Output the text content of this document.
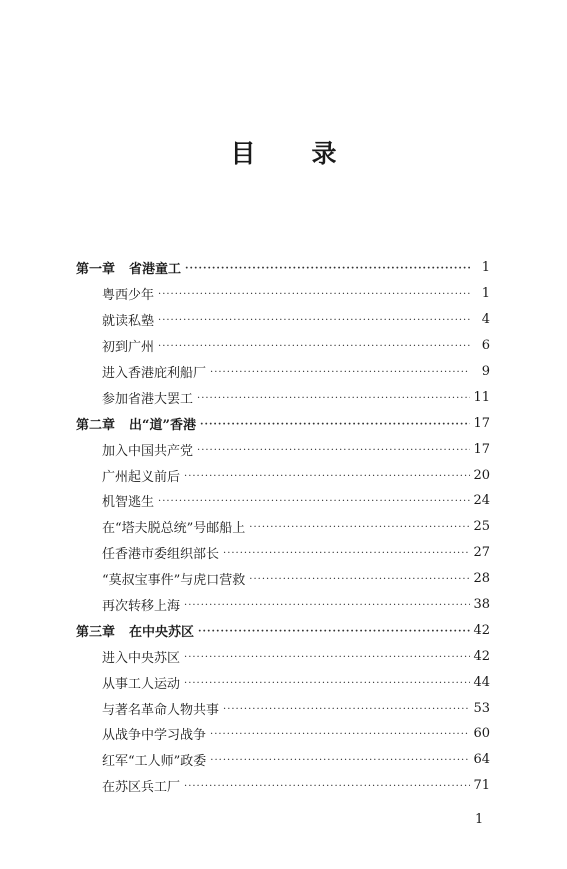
目 录
第一章 省港童工 ·····	1
粤西少年 ·····	1
就读私塾 ·····	4
初到广州 ·····	6
进入香港庇利船厂 ·····	9
参加省港大罢工 ·····	11
第二章 出“道”香港 ·····	17
加入中国共产党 ·····	17
广州起义前后 ·····	20
机智逃生 ·····	24
在“塔夫脱总统”号邮船上 ·····	25
任香港市委组织部长 ·····	27
“莫叔宝事件”与虎口营救 ·····	28
再次转移上海 ·····	38
第三章 在中央苏区 ·····	42
进入中央苏区 ·····	42
从事工人运动 ·····	44
与著名革命人物共事 ·····	53
从战争中学习战争 ·····	60
红军“工人师”政委 ·····	64
在苏区兵工厂 ·····	71
1
